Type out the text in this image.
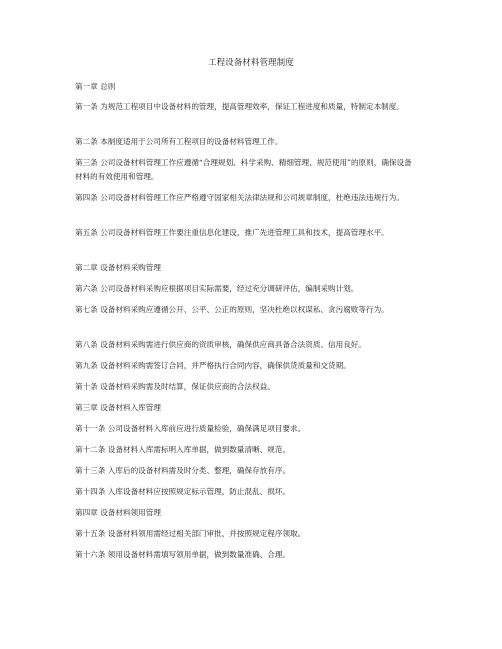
工程设备材料管理制度

第一章 总则

第一条 为规范工程项目中设备材料的管理，提高管理效率，保证工程进度和质量，特制定本制度。

第二条 本制度适用于公司所有工程项目的设备材料管理工作。

第三条 公司设备材料管理工作应遵循“合理规划、科学采购、精细管理、规范使用”的原则，确保设备材料的有效使用和管理。

第四条 公司设备材料管理工作应严格遵守国家相关法律法规和公司规章制度，杜绝违法违规行为。

第五条 公司设备材料管理工作要注重信息化建设，推广先进管理工具和技术，提高管理水平。

第二章 设备材料采购管理

第六条 公司设备材料采购应根据项目实际需要，经过充分调研评估，编制采购计划。

第七条 设备材料采购应遵循公开、公平、公正的原则，坚决杜绝以权谋私、贪污腐败等行为。

第八条 设备材料采购需进行供应商的资质审核，确保供应商具备合法资质、信用良好。

第九条 设备材料采购需签订合同，并严格执行合同内容，确保供货质量和交货期。

第十条 设备材料采购需及时结算，保证供应商的合法权益。

第三章 设备材料入库管理

第十一条 公司设备材料入库前应进行质量检验，确保满足项目要求。

第十二条 设备材料入库需标明入库单据，做到数量清晰、规范。

第十三条 入库后的设备材料需及时分类、整理，确保存放有序。

第十四条 入库设备材料应按照规定标示管理，防止混乱、损坏。

第四章 设备材料领用管理

第十五条 设备材料领用需经过相关部门审批，并按照规定程序领取。

第十六条 领用设备材料需填写领用单据，做到数量准确、合理。
